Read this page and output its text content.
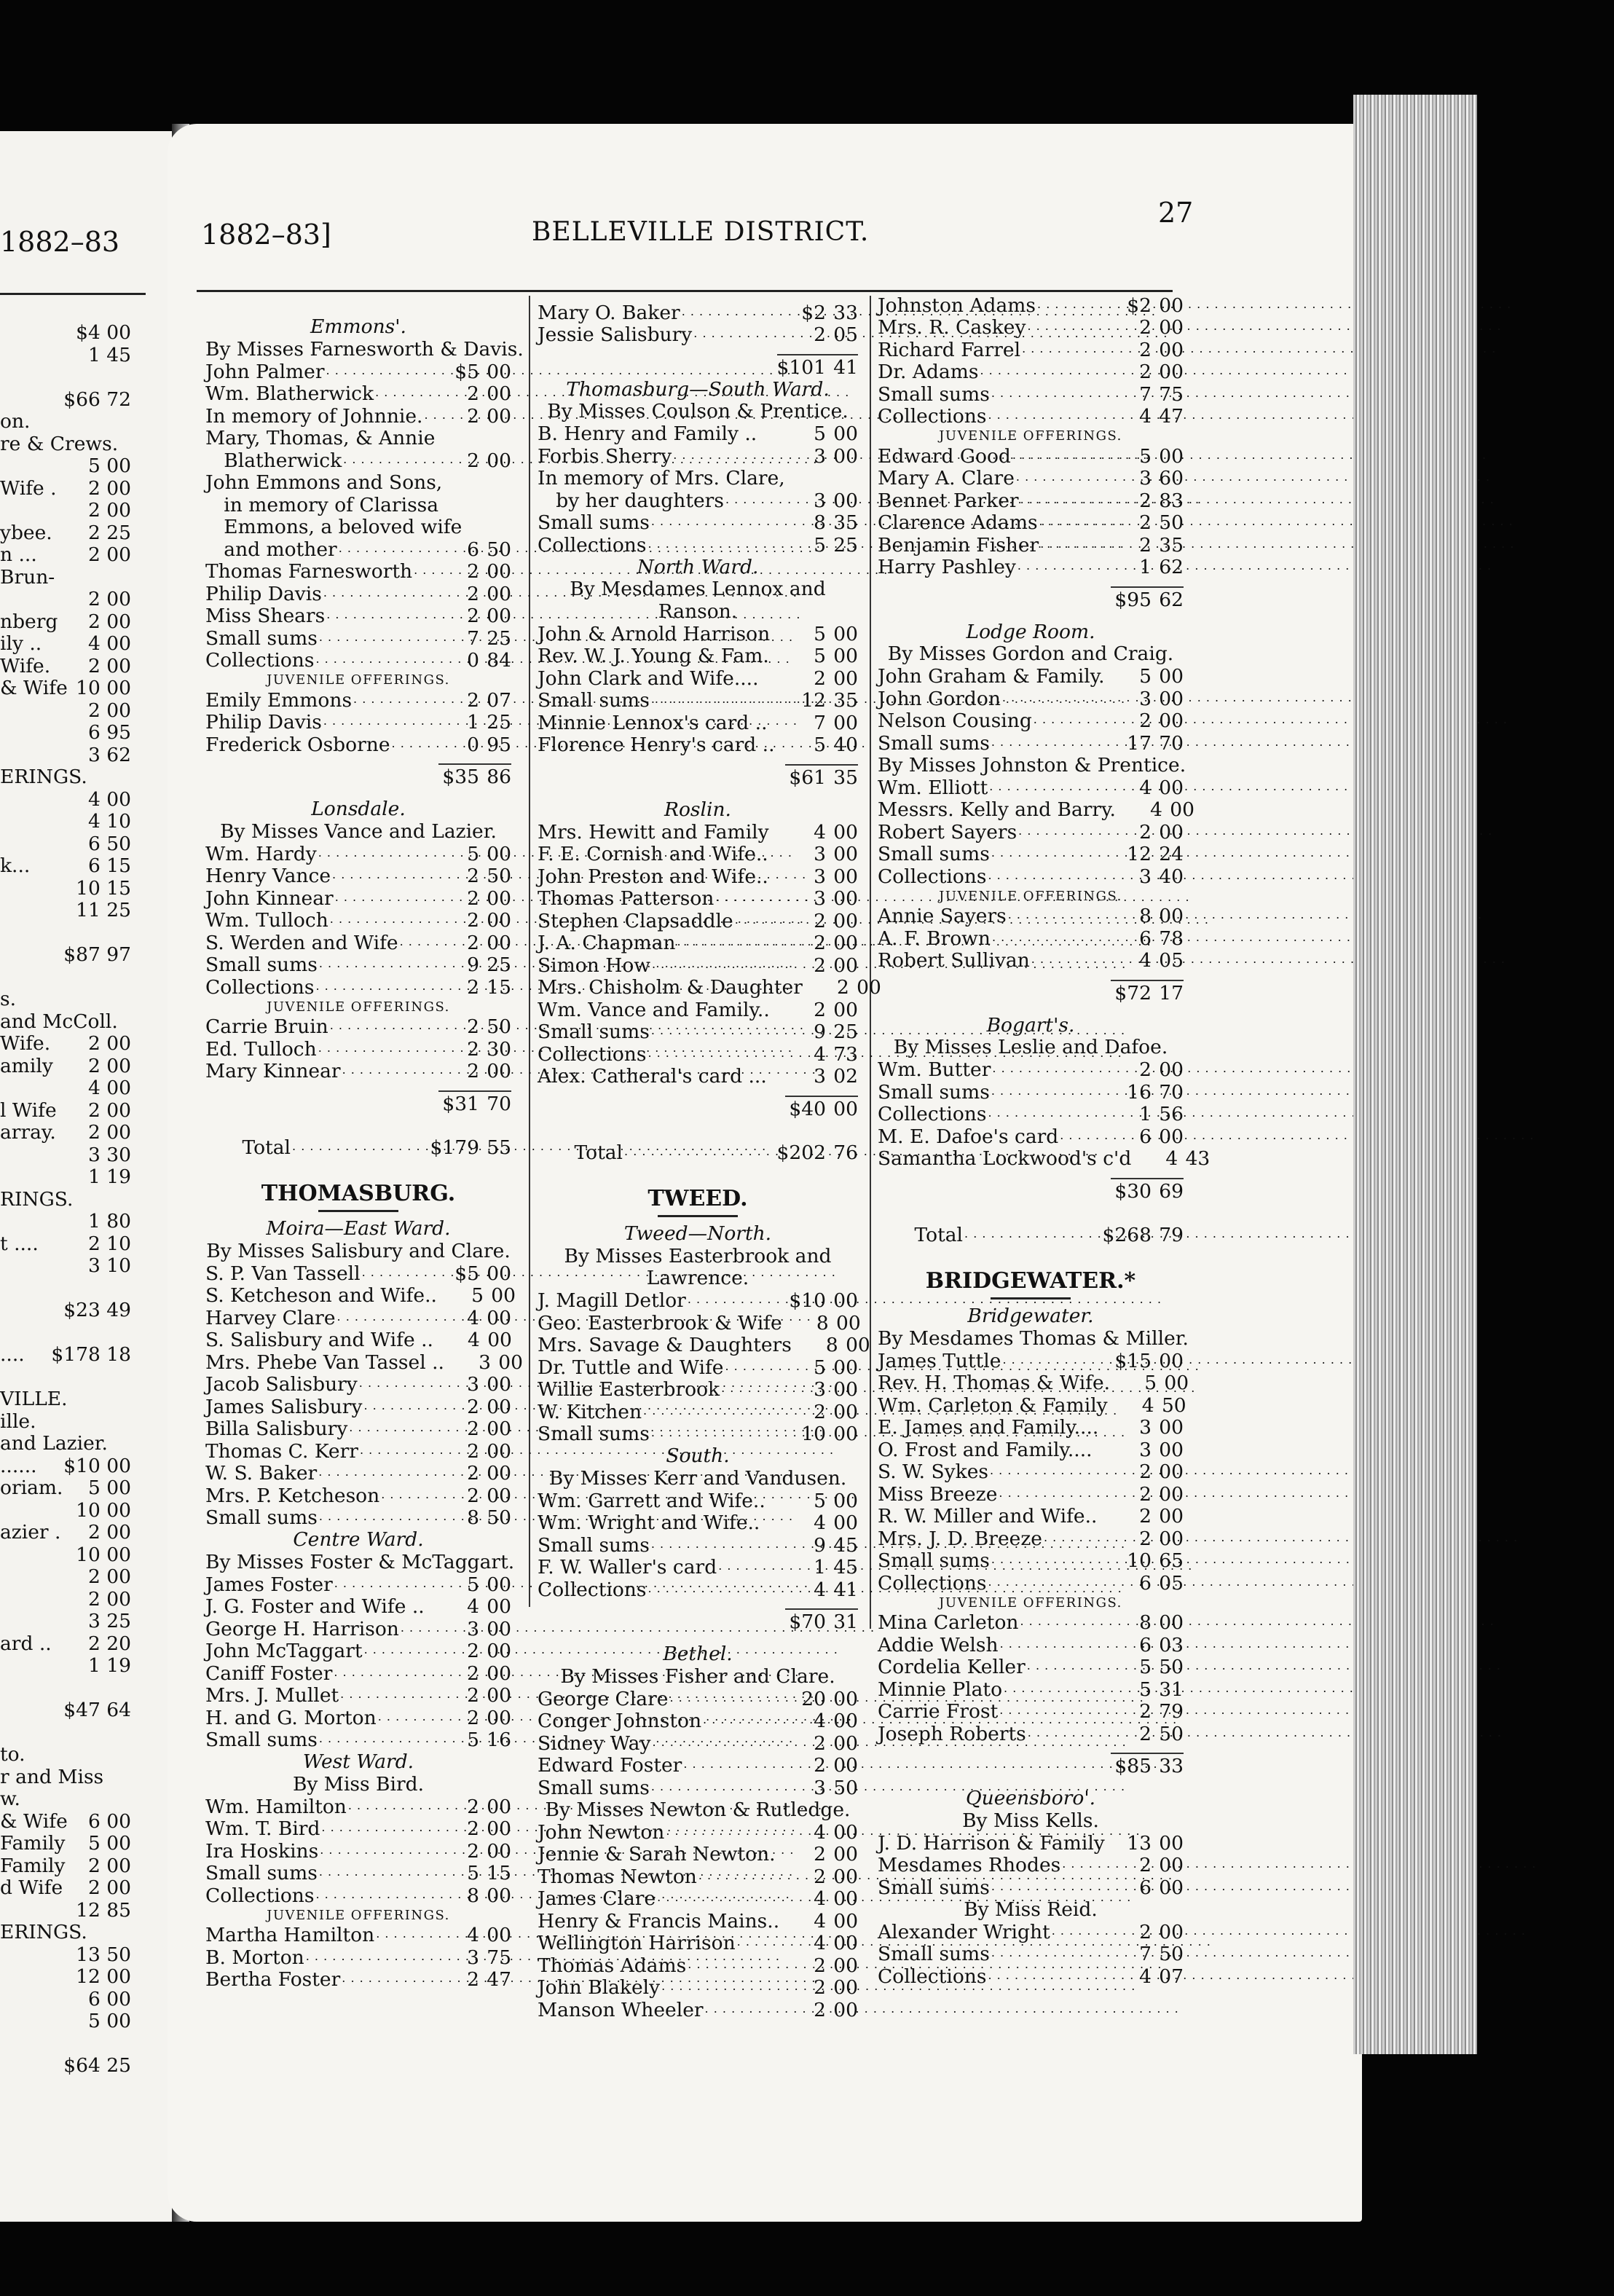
1882–83
$4 00
1 45
$66 72
on.
re & Crews.
5 00
Wife . 2 00
2 00
ybee. 2 25
n ...	2 00
Brun-
2 00
nberg 2 00
ily .. 4 00
Wife. 2 00
& Wife 10 00
2 00
6 95
3 62
ERINGS.
4 00
4 10
6 50
k...	6 15
10 15
11 25
$87 97
s.
and McColl.
Wife. 2 00
amily 2 00
4 00
l Wife 2 00
array. 2 00
3 30
1 19
RINGS.
1 80
t ....	2 10
3 10
$23 49
.... $178 18
VILLE.
ille.
and Lazier.
...... $10 00
oriam. 5 00
10 00
azier . 2 00
10 00
2 00
2 00
3 25
ard .. 2 20
1 19
$47 64
to.
r and Miss
w.
& Wife 6 00
Family 5 00
Family 2 00
d Wife 2 00
12 85
ERINGS.
13 50
12 00
6 00
5 00
$64 25
1882–83]	BELLEVILLE DISTRICT.
27
Emmons'.
By Misses Farnesworth & Davis.
John Palmer . . .	$5 00
Wm. Blatherwick . . .	2 00
In memory of Johnnie. . . .	2 00
Mary, Thomas, & Annie
Blatherwick . . .	2 00
John Emmons and Sons,
in memory of Clarissa
Emmons, a beloved wife
and mother . . .	6 50
Thomas Farnesworth . . .	2 00
Philip Davis . . .	2 00
Miss Shears . . .	2 00
Small sums . . .	7 25
Collections . . .	0 84
JUVENILE OFFERINGS.
Emily Emmons . . .	2 07
Philip Davis . . .	1 25
Frederick Osborne . . .	0 95
$35 86
Lonsdale.
By Misses Vance and Lazier.
Wm. Hardy . . .	5 00
Henry Vance . . .	2 50
John Kinnear . . .	2 00
Wm. Tulloch . . .	2 00
S. Werden and Wife . . .	2 00
Small sums . . .	9 25
Collections . . .	2 15
JUVENILE OFFERINGS.
Carrie Bruin . . .	2 50
Ed. Tulloch . . .	2 30
Mary Kinnear . . .	2 00
$31 70
Total . . .	$179 55
THOMASBURG.
Moira—East Ward.
By Misses Salisbury and Clare.
S. P. Van Tassell . . .	$5 00
S. Ketcheson and Wife..	5 00
Harvey Clare . . .	4 00
S. Salisbury and Wife ..	4 00
Mrs. Phebe Van Tassel ..	3 00
Jacob Salisbury . . .	3 00
James Salisbury . . .	2 00
Billa Salisbury . . .	2 00
Thomas C. Kerr . . .	2 00
W. S. Baker . . .	2 00
Mrs. P. Ketcheson . . .	2 00
Small sums . . .	8 50
Centre Ward.
By Misses Foster & McTaggart.
James Foster . . .	5 00
J. G. Foster and Wife ..	4 00
George H. Harrison . . .	3 00
John McTaggart . . .	2 00
Caniff Foster . . .	2 00
Mrs. J. Mullet . . .	2 00
H. and G. Morton . . .	2 00
Small sums . . .	5 16
West Ward.
By Miss Bird.
Wm. Hamilton . . .	2 00
Wm. T. Bird . . .	2 00
Ira Hoskins . . .	2 00
Small sums . . .	5 15
Collections . . .	8 00
JUVENILE OFFERINGS.
Martha Hamilton . . .	4 00
B. Morton . . .	3 75
Bertha Foster . . .	2 47
Mary O. Baker . . .	$2 33
Jessie Salisbury . . .	2 05
$101 41
Thomasburg—South Ward.
By Misses Coulson & Prentice.
B. Henry and Family ..	5 00
Forbis Sherry . . .	3 00
In memory of Mrs. Clare,
by her daughters . . .	3 00
Small sums . . .	8 35
Collections . . .	5 25
North Ward.
By Mesdames Lennox and
Ranson.
John & Arnold Harrison	5 00
Rev. W. J. Young & Fam.	5 00
John Clark and Wife....	2 00
Small sums . . .	12 35
Minnie Lennox's card ..	7 00
Florence Henry's card ..	5 40
$61 35
Roslin.
Mrs. Hewitt and Family	4 00
F. E. Cornish and Wife..	3 00
John Preston and Wife..	3 00
Thomas Patterson . . .	3 00
Stephen Clapsaddle . . .	2 00
J. A. Chapman . . .	2 00
Simon How . . .	2 00
Mrs. Chisholm & Daughter	2 00
Wm. Vance and Family..	2 00
Small sums . . .	9 25
Collections . . .	4 73
Alex. Catheral's card ...	3 02
$40 00
Total . . .	$202 76
TWEED.
Tweed—North.
By Misses Easterbrook and
Lawrence.
J. Magill Detlor . . .	$10 00
Geo. Easterbrook & Wife	8 00
Mrs. Savage & Daughters	8 00
Dr. Tuttle and Wife . . .	5 00
Willie Easterbrook . . .	3 00
W. Kitchen . . .	2 00
Small sums . . .	10 00
South.
By Misses Kerr and Vandusen.
Wm. Garrett and Wife..	5 00
Wm. Wright and Wife..	4 00
Small sums . . .	9 45
F. W. Waller's card . . .	1 45
Collections . . .	4 41
$70 31
Bethel.
By Misses Fisher and Clare.
George Clare . . .	20 00
Conger Johnston . . .	4 00
Sidney Way . . .	2 00
Edward Foster . . .	2 00
Small sums . . .	3 50
By Misses Newton & Rutledge.
John Newton . . .	4 00
Jennie & Sarah Newton.	2 00
Thomas Newton . . .	2 00
James Clare . . .	4 00
Henry & Francis Mains..	4 00
Wellington Harrison . . .	4 00
Thomas Adams . . .	2 00
John Blakely . . .	2 00
Manson Wheeler . . .	2 00
Johnston Adams . . .	$2 00
Mrs. R. Caskey . . .	2 00
Richard Farrel . . .	2 00
Dr. Adams . . .	2 00
Small sums . . .	7 75
Collections . . .	4 47
JUVENILE OFFERINGS.
Edward Good . . .	5 00
Mary A. Clare . . .	3 60
Bennet Parker . . .	2 83
Clarence Adams . . .	2 50
Benjamin Fisher . . .	2 35
Harry Pashley . . .	1 62
$95 62
Lodge Room.
By Misses Gordon and Craig.
John Graham & Family.	5 00
John Gordon . . .	3 00
Nelson Cousing . . .	2 00
Small sums . . .	17 70
By Misses Johnston & Prentice.
Wm. Elliott . . .	4 00
Messrs. Kelly and Barry.	4 00
Robert Sayers . . .	2 00
Small sums . . .	12 24
Collections . . .	3 40
JUVENILE OFFERINGS.
Annie Sayers . . .	8 00
A. F. Brown . . .	6 78
Robert Sullivan . . .	4 05
$72 17
Bogart's.
By Misses Leslie and Dafoe.
Wm. Butter . . .	2 00
Small sums . . .	16 70
Collections . . .	1 56
M. E. Dafoe's card . . .	6 00
Samantha Lockwood's c'd	4 43
$30 69
Total . . .	$268 79
BRIDGEWATER.*
Bridgewater.
By Mesdames Thomas & Miller.
James Tuttle . . .	$15 00
Rev. H. Thomas & Wife.	5 00
Wm. Carleton & Family	4 50
E. James and Family....	3 00
O. Frost and Family....	3 00
S. W. Sykes . . .	2 00
Miss Breeze . . .	2 00
R. W. Miller and Wife..	2 00
Mrs. J. D. Breeze . . .	2 00
Small sums . . .	10 65
Collections . . .	6 05
JUVENILE OFFERINGS.
Mina Carleton . . .	8 00
Addie Welsh . . .	6 03
Cordelia Keller . . .	5 50
Minnie Plato . . .	5 31
Carrie Frost . . .	2 79
Joseph Roberts . . .	2 50
$85 33
Queensboro'.
By Miss Kells.
J. D. Harrison & Family	13 00
Mesdames Rhodes . . .	2 00
Small sums . . .	6 00
By Miss Reid.
Alexander Wright . . .	2 00
Small sums . . .	7 50
Collections . . .	4 07
